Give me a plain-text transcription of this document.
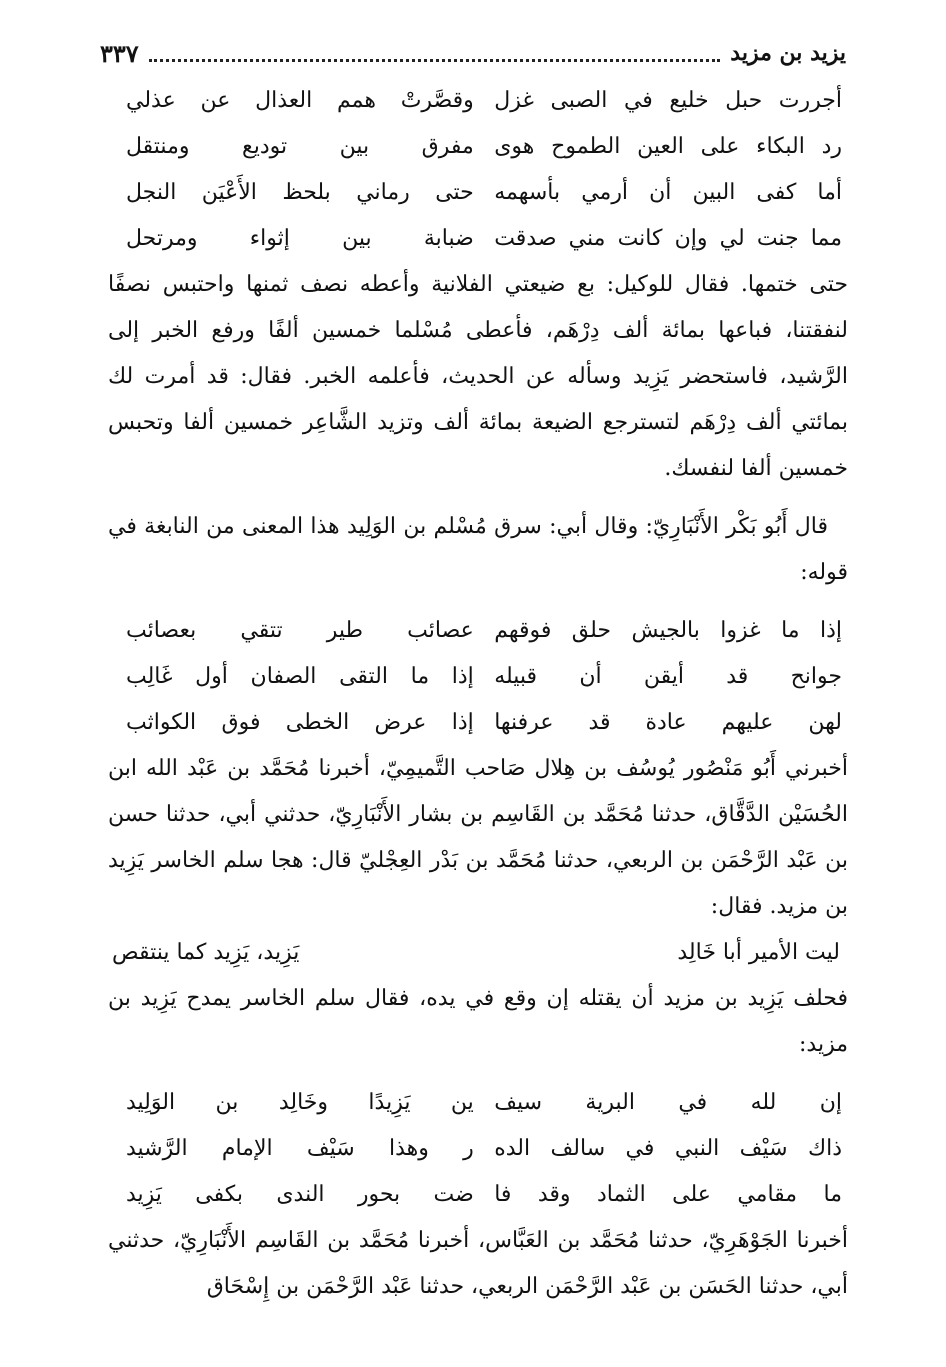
يزيد بن مزيد
٣٣٧
أجررت حبل خليع في الصبى غزل
وقصَّرتْ همم العذال عن عذلي
رد البكاء على العين الطموح هوى
مفرق بين توديع ومنتقل
أما كفى البين أن أرمي بأسهمه
حتى رماني بلحظ الأَعْيَن النجل
مما جنت لي وإن كانت مني صدقت
ضبابة بين إثواء ومرتحل

حتى ختمها. فقال للوكيل: بع ضيعتي الفلانية وأعطه نصف ثمنها واحتبس نصفًا لنفقتنا، فباعها بمائة ألف دِرْهَم، فأعطى مُسْلما خمسين ألفًا ورفع الخبر إلى الرَّشيد، فاستحضر يَزِيد وسأله عن الحديث، فأعلمه الخبر. فقال: قد أمرت لك بمائتي ألف دِرْهَم لتسترجع الضيعة بمائة ألف وتزيد الشَّاعِر خمسين ألفا وتحبس خمسين ألفا لنفسك.

قال أَبُو بَكْر الأَنْبَارِيّ: وقال أبي: سرق مُسْلم بن الوَلِيد هذا المعنى من النابغة في قوله:

إذا ما غزوا بالجيش حلق فوقهم
عصائب طير تتقي بعصائب
جوانح قد أيقن أن قبيله
إذا ما التقى الصفان أول غَالِب
لهن عليهم عادة قد عرفنها
إذا عرض الخطى فوق الكواثب

أخبرني أَبُو مَنْصُور يُوسُف بن هِلال صَاحب التَّميمِيّ، أخبرنا مُحَمَّد بن عَبْد الله ابن الحُسَيْن الدَّقَّاق، حدثنا مُحَمَّد بن القَاسِم بن بشار الأَنْبَارِيّ، حدثني أبي، حدثنا حسن بن عَبْد الرَّحْمَن بن الربعي، حدثنا مُحَمَّد بن بَدْر العِجْليّ قال: هجا سلم الخاسر يَزِيد بن مزيد. فقال:

ليت الأمير أبا خَالِد
يَزِيد، يَزِيد كما ينتقص

فحلف يَزِيد بن مزيد أن يقتله إن وقع في يده، فقال سلم الخاسر يمدح يَزِيد بن مزيد:

إن لله في البرية سيف
ين يَزِيدًا وخَالِد بن الوَلِيد
ذاك سَيْف النبي في سالف الده
ر وهذا سَيْف الإمام الرَّشيد
ما مقامي على الثماد وقد فا
ضت بحور الندى بكفى يَزِيد

أخبرنا الجَوْهَرِيّ، حدثنا مُحَمَّد بن العَبَّاس، أخبرنا مُحَمَّد بن القَاسِم الأَنْبَارِيّ، حدثني أبي، حدثنا الحَسَن بن عَبْد الرَّحْمَن الربعي، حدثنا عَبْد الرَّحْمَن بن إِسْحَاق
